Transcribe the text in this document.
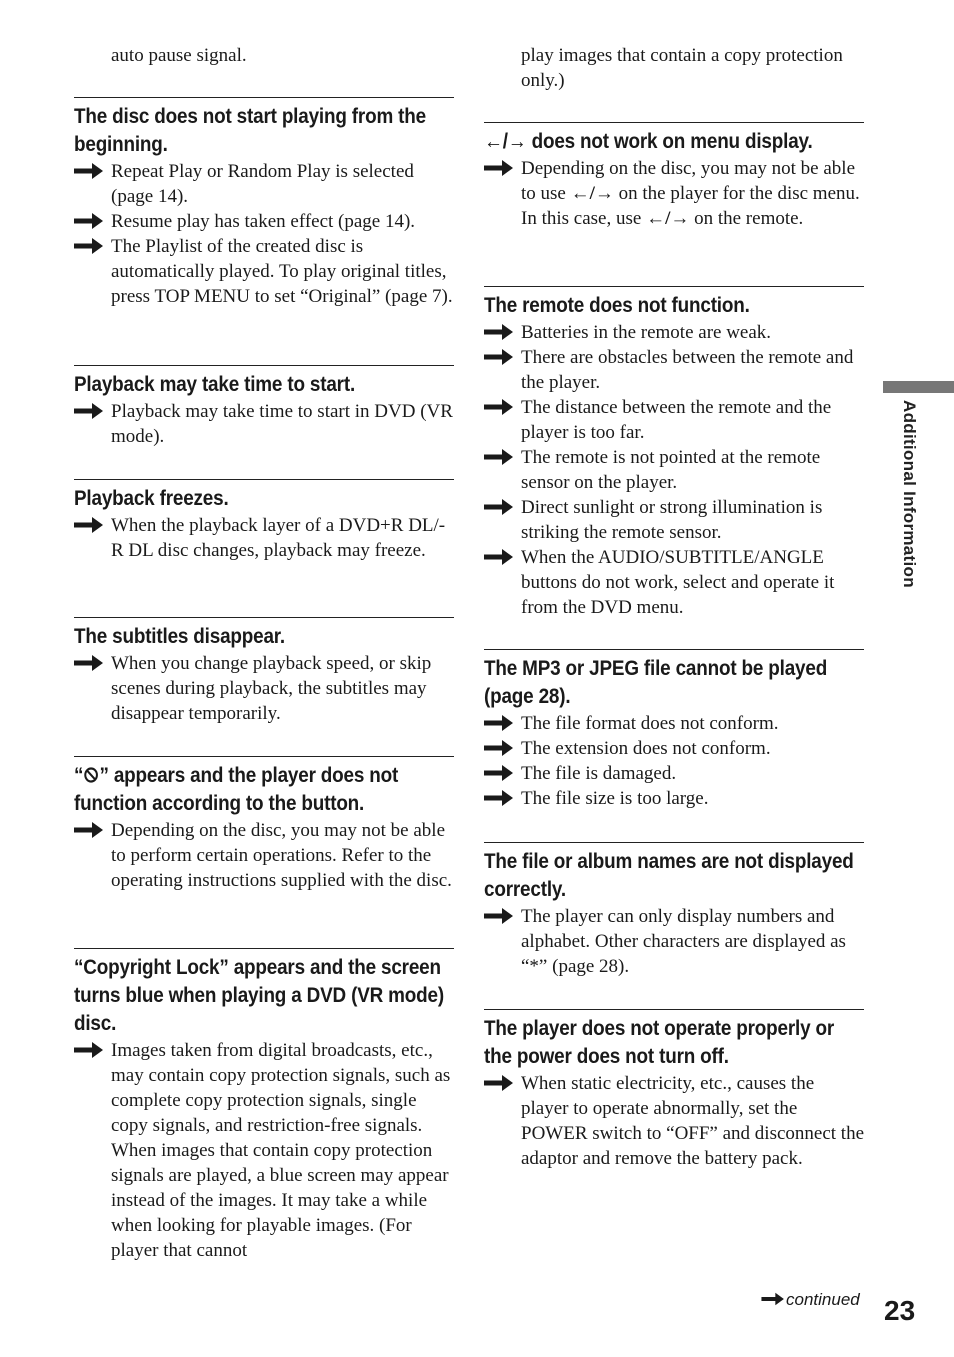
auto pause signal.

The disc does not start playing from the beginning.
Repeat Play or Random Play is selected (page 14).
Resume play has taken effect (page 14).
The Playlist of the created disc is automatically played. To play original titles, press TOP MENU to set “Original” (page 7).
Playback may take time to start.
Playback may take time to start in DVD (VR mode).
Playback freezes.
When the playback layer of a DVD+R DL/-R DL disc changes, playback may freeze.
The subtitles disappear.
When you change playback speed, or skip scenes during playback, the subtitles may disappear temporarily.
“ ” appears and the player does not function according to the button.
Depending on the disc, you may not be able to perform certain operations. Refer to the operating instructions supplied with the disc.
“Copyright Lock” appears and the screen turns blue when playing a DVD (VR mode) disc.
Images taken from digital broadcasts, etc., may contain copy protection signals, such as complete copy protection signals, single copy signals, and restriction-free signals. When images that contain copy protection signals are played, a blue screen may appear instead of the images. It may take a while when looking for playable images. (For player that cannot

play images that contain a copy protection only.)

←/→ does not work on menu display.
Depending on the disc, you may not be able to use ←/→ on the player for the disc menu. In this case, use ←/→ on the remote.
The remote does not function.
Batteries in the remote are weak.
There are obstacles between the remote and the player.
The distance between the remote and the player is too far.
The remote is not pointed at the remote sensor on the player.
Direct sunlight or strong illumination is striking the remote sensor.
When the AUDIO/SUBTITLE/ANGLE buttons do not work, select and operate it from the DVD menu.
The MP3 or JPEG file cannot be played (page 28).
The file format does not conform.
The extension does not conform.
The file is damaged.
The file size is too large.
The file or album names are not displayed correctly.
The player can only display numbers and alphabet. Other characters are displayed as “*” (page 28).
The player does not operate properly or the power does not turn off.
When static electricity, etc., causes the player to operate abnormally, set the POWER switch to “OFF” and disconnect the adaptor and remove the battery pack.
Additional Information
continued 23
